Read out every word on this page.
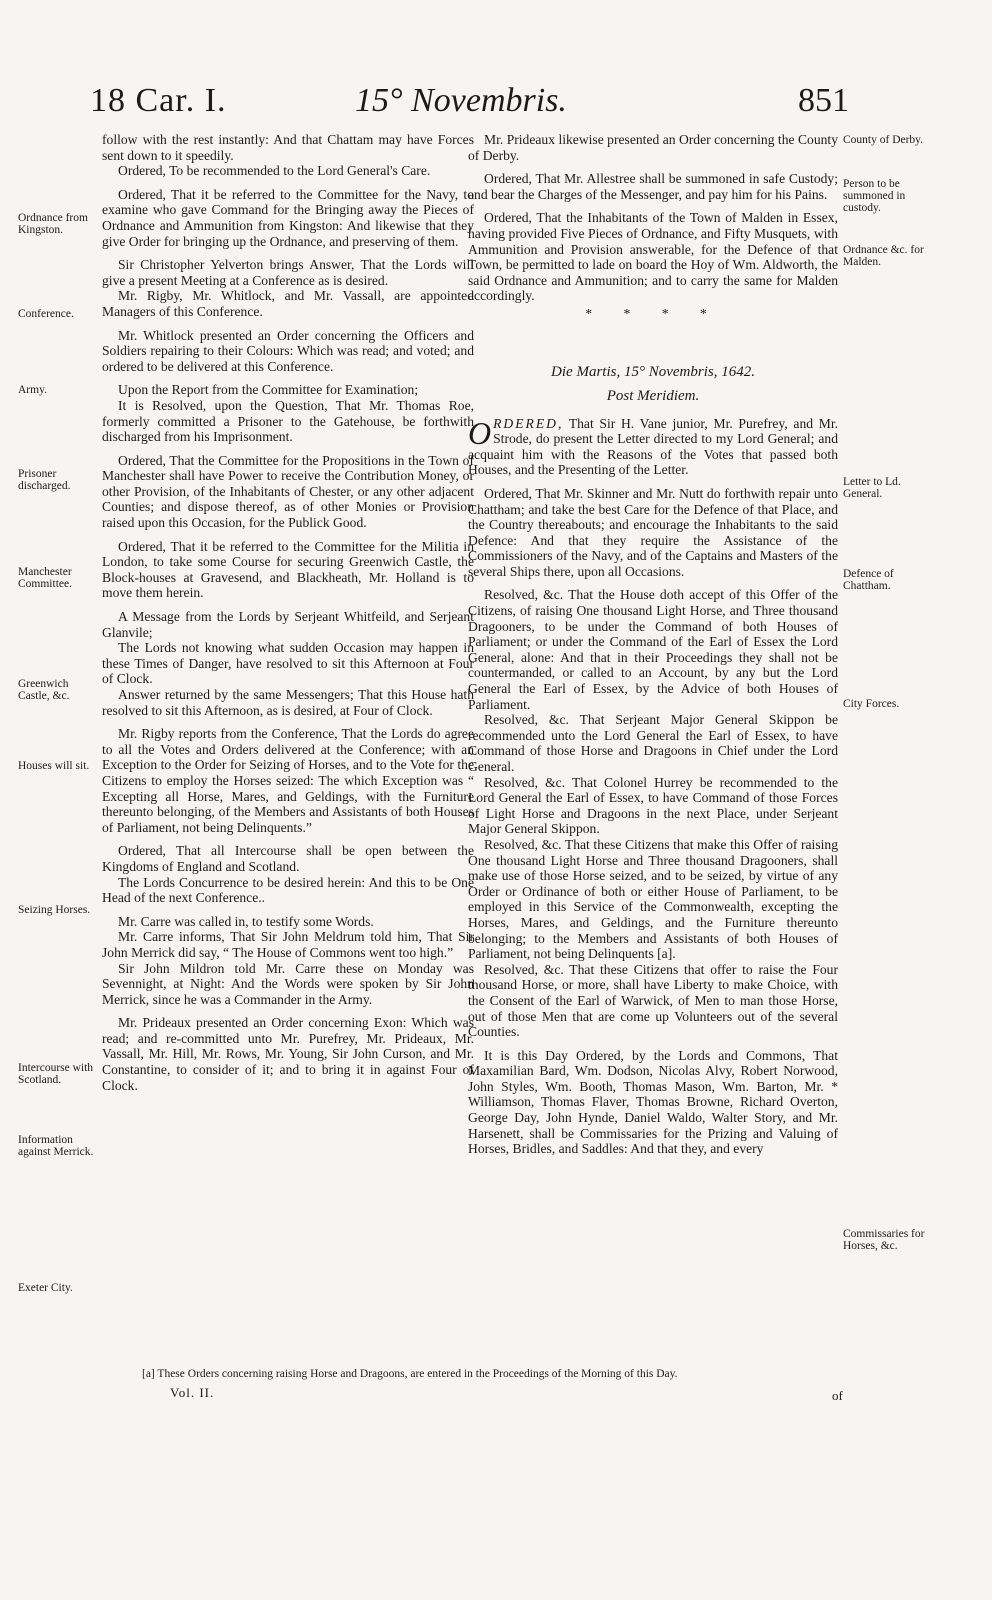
18 Car. I.	15° Novembris.	851
Ordnance from Kingston.
Conference.
Army.
Prisoner discharged.
Manchester Committee.
Greenwich Castle, &c.
Houses will sit.
Seizing Horses.
Intercourse with Scotland.
Information against Merrick.
Exeter City.
County of Derby.
Person to be summoned in custody.
Ordnance &c. for Malden.
Letter to Ld. General.
Defence of Chattham.
City Forces.
Commissaries for Horses, &c.

follow with the rest instantly: And that Chattam may have Forces sent down to it speedily.

Ordered, To be recommended to the Lord General's Care.

Ordered, That it be referred to the Committee for the Navy, to examine who gave Command for the Bringing away the Pieces of Ordnance and Ammunition from Kingston: And likewise that they give Order for bringing up the Ordnance, and preserving of them.

Sir Christopher Yelverton brings Answer, That the Lords will give a present Meeting at a Conference as is desired.

Mr. Rigby, Mr. Whitlock, and Mr. Vassall, are appointed Managers of this Conference.

Mr. Whitlock presented an Order concerning the Officers and Soldiers repairing to their Colours: Which was read; and voted; and ordered to be delivered at this Conference.

Upon the Report from the Committee for Examination;

It is Resolved, upon the Question, That Mr. Thomas Roe, formerly committed a Prisoner to the Gatehouse, be forthwith discharged from his Imprisonment.

Ordered, That the Committee for the Propositions in the Town of Manchester shall have Power to receive the Contribution Money, or other Provision, of the Inhabitants of Chester, or any other adjacent Counties; and dispose thereof, as of other Monies or Provision raised upon this Occasion, for the Publick Good.

Ordered, That it be referred to the Committee for the Militia in London, to take some Course for securing Greenwich Castle, the Block-houses at Gravesend, and Blackheath, Mr. Holland is to move them herein.

A Message from the Lords by Serjeant Whitfeild, and Serjeant Glanvile;

The Lords not knowing what sudden Occasion may happen in these Times of Danger, have resolved to sit this Afternoon at Four of Clock.

Answer returned by the same Messengers; That this House hath resolved to sit this Afternoon, as is desired, at Four of Clock.

Mr. Rigby reports from the Conference, That the Lords do agree to all the Votes and Orders delivered at the Conference; with an Exception to the Order for Seizing of Horses, and to the Vote for the Citizens to employ the Horses seized: The which Exception was “ Excepting all Horse, Mares, and Geldings, with the Furniture thereunto belonging, of the Members and Assistants of both Houses of Parliament, not being Delinquents.”

Ordered, That all Intercourse shall be open between the Kingdoms of England and Scotland.

The Lords Concurrence to be desired herein: And this to be One Head of the next Conference..

Mr. Carre was called in, to testify some Words.

Mr. Carre informs, That Sir John Meldrum told him, That Sir John Merrick did say, “ The House of Commons went too high.”

Sir John Mildron told Mr. Carre these on Monday was Sevennight, at Night: And the Words were spoken by Sir John Merrick, since he was a Commander in the Army.

Mr. Prideaux presented an Order concerning Exon: Which was read; and re-committed unto Mr. Purefrey, Mr. Prideaux, Mr. Vassall, Mr. Hill, Mr. Rows, Mr. Young, Sir John Curson, and Mr. Constantine, to consider of it; and to bring it in against Four of Clock.

Mr. Prideaux likewise presented an Order concerning the County of Derby.

Ordered, That Mr. Allestree shall be summoned in safe Custody; and bear the Charges of the Messenger, and pay him for his Pains.

Ordered, That the Inhabitants of the Town of Malden in Essex, having provided Five Pieces of Ordnance, and Fifty Musquets, with Ammunition and Provision answerable, for the Defence of that Town, be permitted to lade on board the Hoy of Wm. Aldworth, the said Ordnance and Ammunition; and to carry the same for Malden accordingly.

* * * *
Die Martis, 15° Novembris, 1642.
Post Meridiem.

ORDERED, That Sir H. Vane junior, Mr. Purefrey, and Mr. Strode, do present the Letter directed to my Lord General; and acquaint him with the Reasons of the Votes that passed both Houses, and the Presenting of the Letter.

Ordered, That Mr. Skinner and Mr. Nutt do forthwith repair unto Chattham; and take the best Care for the Defence of that Place, and the Country thereabouts; and encourage the Inhabitants to the said Defence: And that they require the Assistance of the Commissioners of the Navy, and of the Captains and Masters of the several Ships there, upon all Occasions.

Resolved, &c. That the House doth accept of this Offer of the Citizens, of raising One thousand Light Horse, and Three thousand Dragooners, to be under the Command of both Houses of Parliament; or under the Command of the Earl of Essex the Lord General, alone: And that in their Proceedings they shall not be countermanded, or called to an Account, by any but the Lord General the Earl of Essex, by the Advice of both Houses of Parliament.

Resolved, &c. That Serjeant Major General Skippon be recommended unto the Lord General the Earl of Essex, to have Command of those Horse and Dragoons in Chief under the Lord General.

Resolved, &c. That Colonel Hurrey be recommended to the Lord General the Earl of Essex, to have Command of those Forces of Light Horse and Dragoons in the next Place, under Serjeant Major General Skippon.

Resolved, &c. That these Citizens that make this Offer of raising One thousand Light Horse and Three thousand Dragooners, shall make use of those Horse seized, and to be seized, by virtue of any Order or Ordinance of both or either House of Parliament, to be employed in this Service of the Commonwealth, excepting the Horses, Mares, and Geldings, and the Furniture thereunto belonging; to the Members and Assistants of both Houses of Parliament, not being Delinquents [a].

Resolved, &c. That these Citizens that offer to raise the Four thousand Horse, or more, shall have Liberty to make Choice, with the Consent of the Earl of Warwick, of Men to man those Horse, out of those Men that are come up Volunteers out of the several Counties.

It is this Day Ordered, by the Lords and Commons, That Maxamilian Bard, Wm. Dodson, Nicolas Alvy, Robert Norwood, John Styles, Wm. Booth, Thomas Mason, Wm. Barton, Mr. * Williamson, Thomas Flaver, Thomas Browne, Richard Overton, George Day, John Hynde, Daniel Waldo, Walter Story, and Mr. Harsenett, shall be Commissaries for the Prizing and Valuing of Horses, Bridles, and Saddles: And that they, and every

of
[a] These Orders concerning raising Horse and Dragoons, are entered in the Proceedings of the Morning of this Day.
Vol. II.
